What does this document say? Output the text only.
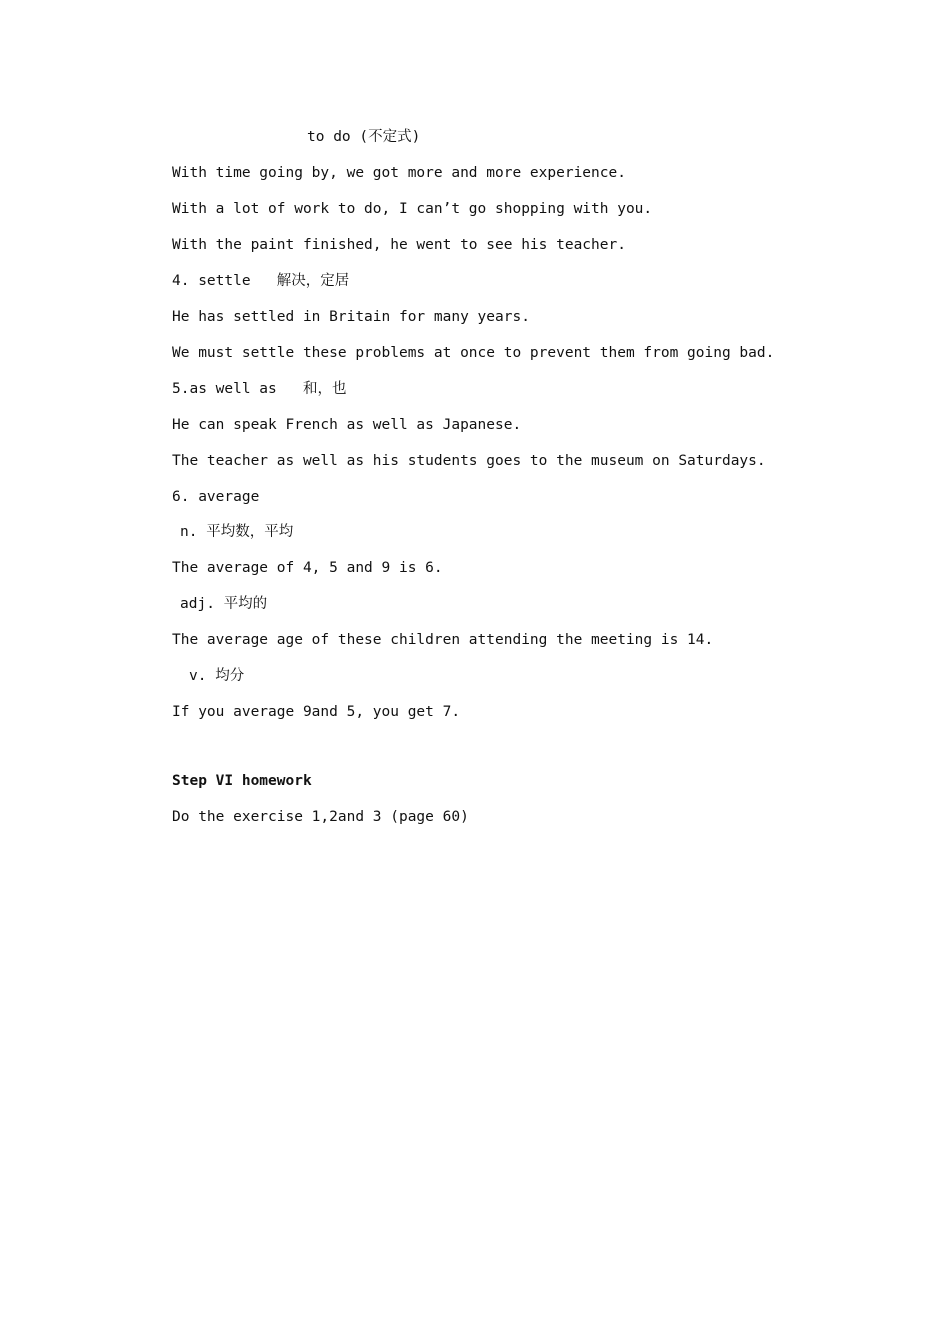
to do (不定式)
With time going by, we got more and more experience.
With a lot of work to do, I can’t go shopping with you.
With the paint finished, he went to see his teacher.
4. settle   解决，定居
He has settled in Britain for many years.
We must settle these problems at once to prevent them from going bad.
5.as well as   和，也
He can speak French as well as Japanese.
The teacher as well as his students goes to the museum on Saturdays.
6. average
n. 平均数，平均
The average of 4, 5 and 9 is 6.
adj. 平均的
The average age of these children attending the meeting is 14.
v. 均分
If you average 9and 5, you get 7.
Step VI homework
Do the exercise 1,2and 3 (page 60)
